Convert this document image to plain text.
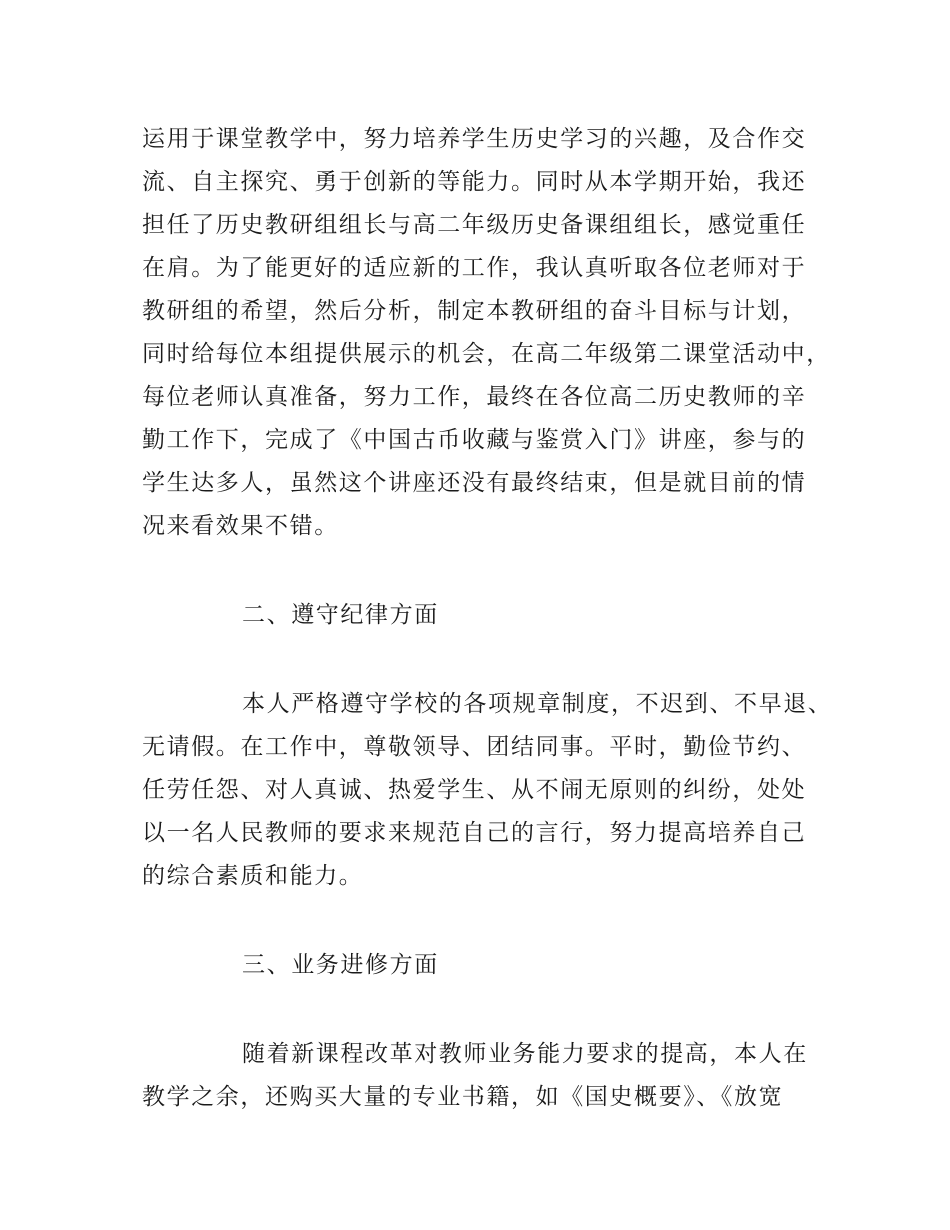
运用于课堂教学中，努力培养学生历史学习的兴趣，及合作交
流、自主探究、勇于创新的等能力。同时从本学期开始，我还
担任了历史教研组组长与高二年级历史备课组组长，感觉重任
在肩。为了能更好的适应新的工作，我认真听取各位老师对于
教研组的希望，然后分析，制定本教研组的奋斗目标与计划，
同时给每位本组提供展示的机会，在高二年级第二课堂活动中，
每位老师认真准备，努力工作，最终在各位高二历史教师的辛
勤工作下，完成了《中国古币收藏与鉴赏入门》讲座，参与的
学生达多人，虽然这个讲座还没有最终结束，但是就目前的情
况来看效果不错。
二、遵守纪律方面
本人严格遵守学校的各项规章制度，不迟到、不早退、
无请假。在工作中，尊敬领导、团结同事。平时，勤俭节约、
任劳任怨、对人真诚、热爱学生、从不闹无原则的纠纷，处处
以一名人民教师的要求来规范自己的言行，努力提高培养自己
的综合素质和能力。
三、业务进修方面
随着新课程改革对教师业务能力要求的提高，本人在
教学之余，还购买大量的专业书籍，如《国史概要》、《放宽
